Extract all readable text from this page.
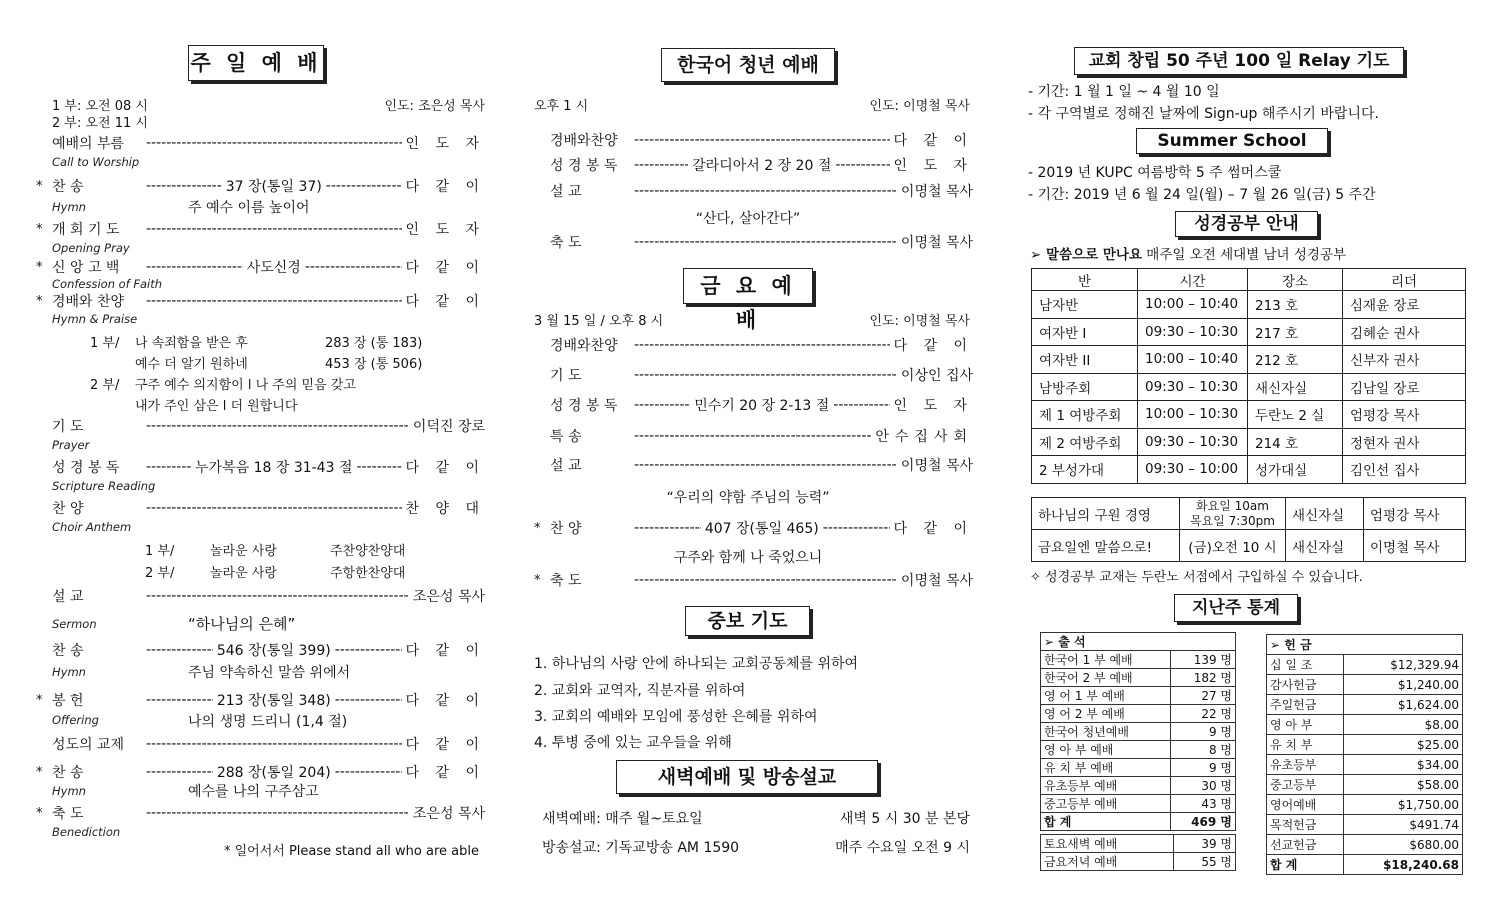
주 일 예 배
1 부: 오전 08 시
2 부: 오전 11 시
인도: 조은성 목사
예배의 부름 -----	인 도 자
Call to Worship
* 찬 송 -----	37 장(통일 37) -----	다 같 이
Hymn	주 예수 이름 높이어
* 개 회 기 도 -----	인 도 자
Opening Pray
* 신 앙 고 백 -----	사도신경 -----	다 같 이
Confession of Faith
* 경배와 찬양 -----	다 같 이
Hymn & Praise
기 도 -----	이덕진 장로
Prayer
성 경 봉 독 -----	누가복음 18 장 31-43 절 -----	다 같 이
Scripture Reading
찬 양 -----	찬 양 대
Choir Anthem
설 교 -----	조은성 목사
Sermon	“하나님의 은혜”
찬 송 -----	546 장(통일 399) -----	다 같 이
Hymn	주님 약속하신 말씀 위에서
* 봉 헌 -----	213 장(통일 348) -----	다 같 이
Offering	나의 생명 드리니 (1,4 절)
성도의 교제 -----	다 같 이
* 찬 송 -----	288 장(통일 204) -----	다 같 이
Hymn	예수를 나의 구주삼고
* 축 도 -----	조은성 목사
Benediction
1 부/ 나 속죄함을 받은 후	283 장 (통 183)
예수 더 알기 원하네	453 장 (통 506)
2 부/ 구주 예수 의지함이 l 나 주의 믿음 갖고
내가 주인 삼은 l 더 원합니다
1 부/	놀라운 사랑	주찬양찬양대
2 부/	놀라운 사랑	주항한찬양대
* 일어서서 Please stand all who are able
한국어 청년 예배
오후 1 시	인도: 이명철 목사
경배와찬양 -----	다 같 이
성 경 봉 독 -----	갈라디아서 2 장 20 절 -----	인 도 자
설 교 -----	이명철 목사
축 도 -----	이명철 목사
“산다, 살아간다”
금 요 예 배
3 월 15 일 / 오후 8 시	인도: 이명철 목사
경배와찬양 -----	다 같 이
기 도 -----	이상인 집사
성 경 봉 독 -----	민수기 20 장 2-13 절 -----	인 도 자
특 송 -----	안수집사회
설 교 -----	이명철 목사
* 찬 양 -----	407 장(통일 465) -----	다 같 이
* 축 도 -----	이명철 목사
“우리의 약함 주님의 능력”
구주와 함께 나 죽었으니
중보 기도
1. 하나님의 사랑 안에 하나되는 교회공동체를 위하여
2. 교회와 교역자, 직분자를 위하여
3. 교회의 예배와 모임에 풍성한 은혜를 위하여
4. 투병 중에 있는 교우들을 위해
새벽예배 및 방송설교
새벽예배: 매주 월~토요일	새벽 5 시 30 분 본당
방송설교: 기독교방송 AM 1590	매주 수요일 오전 9 시
교회 창립 50 주년 100 일 Relay 기도
- 기간: 1 월 1 일 ~ 4 월 10 일
- 각 구역별로 정해진 날짜에 Sign-up 해주시기 바랍니다.
Summer School
- 2019 년 KUPC 여름방학 5 주 썸머스쿨
- 기간: 2019 년 6 월 24 일(월) – 7 월 26 일(금) 5 주간
성경공부 안내
➢ 말씀으로 만나요 매주일 오전 세대별 남녀 성경공부
반	시간	장소	리더
남자반	10:00 – 10:40	213 호	심재윤 장로
여자반 I	09:30 – 10:30	217 호	김혜순 권사
여자반 II	10:00 – 10:40	212 호	신부자 권사
남방주회	09:30 – 10:30	새신자실	김남일 장로
제 1 여방주회	10:00 – 10:30	두란노 2 실	엄평강 목사
제 2 여방주회	09:30 – 10:30	214 호	정현자 권사
2 부성가대	09:30 – 10:00	성가대실	김인선 집사
하나님의 구원 경영	화요일 10am
목요일 7:30pm	새신자실	엄평강 목사
금요일엔 말씀으로!	(금)오전 10 시	새신자실	이명철 목사
✧ 성경공부 교재는 두란노 서점에서 구입하실 수 있습니다.
지난주 통계
➢ 출 석	
한국어 1 부 예배	139 명
한국어 2 부 예배	182 명
영 어 1 부 예배	27 명
영 어 2 부 예배	22 명
한국어 청년예배	9 명
영 아 부 예배	8 명
유 치 부 예배	9 명
유초등부 예배	30 명
중고등부 예배	43 명
합 계	469 명
토요새벽 예배	39 명
금요저녁 예배	55 명
➢ 헌 금	
십 일 조	$12,329.94
감사헌금	$1,240.00
주일헌금	$1,624.00
영 아 부	$8.00
유 치 부	$25.00
유초등부	$34.00
중고등부	$58.00
영어예배	$1,750.00
목적헌금	$491.74
선교헌금	$680.00
합 계	$18,240.68
